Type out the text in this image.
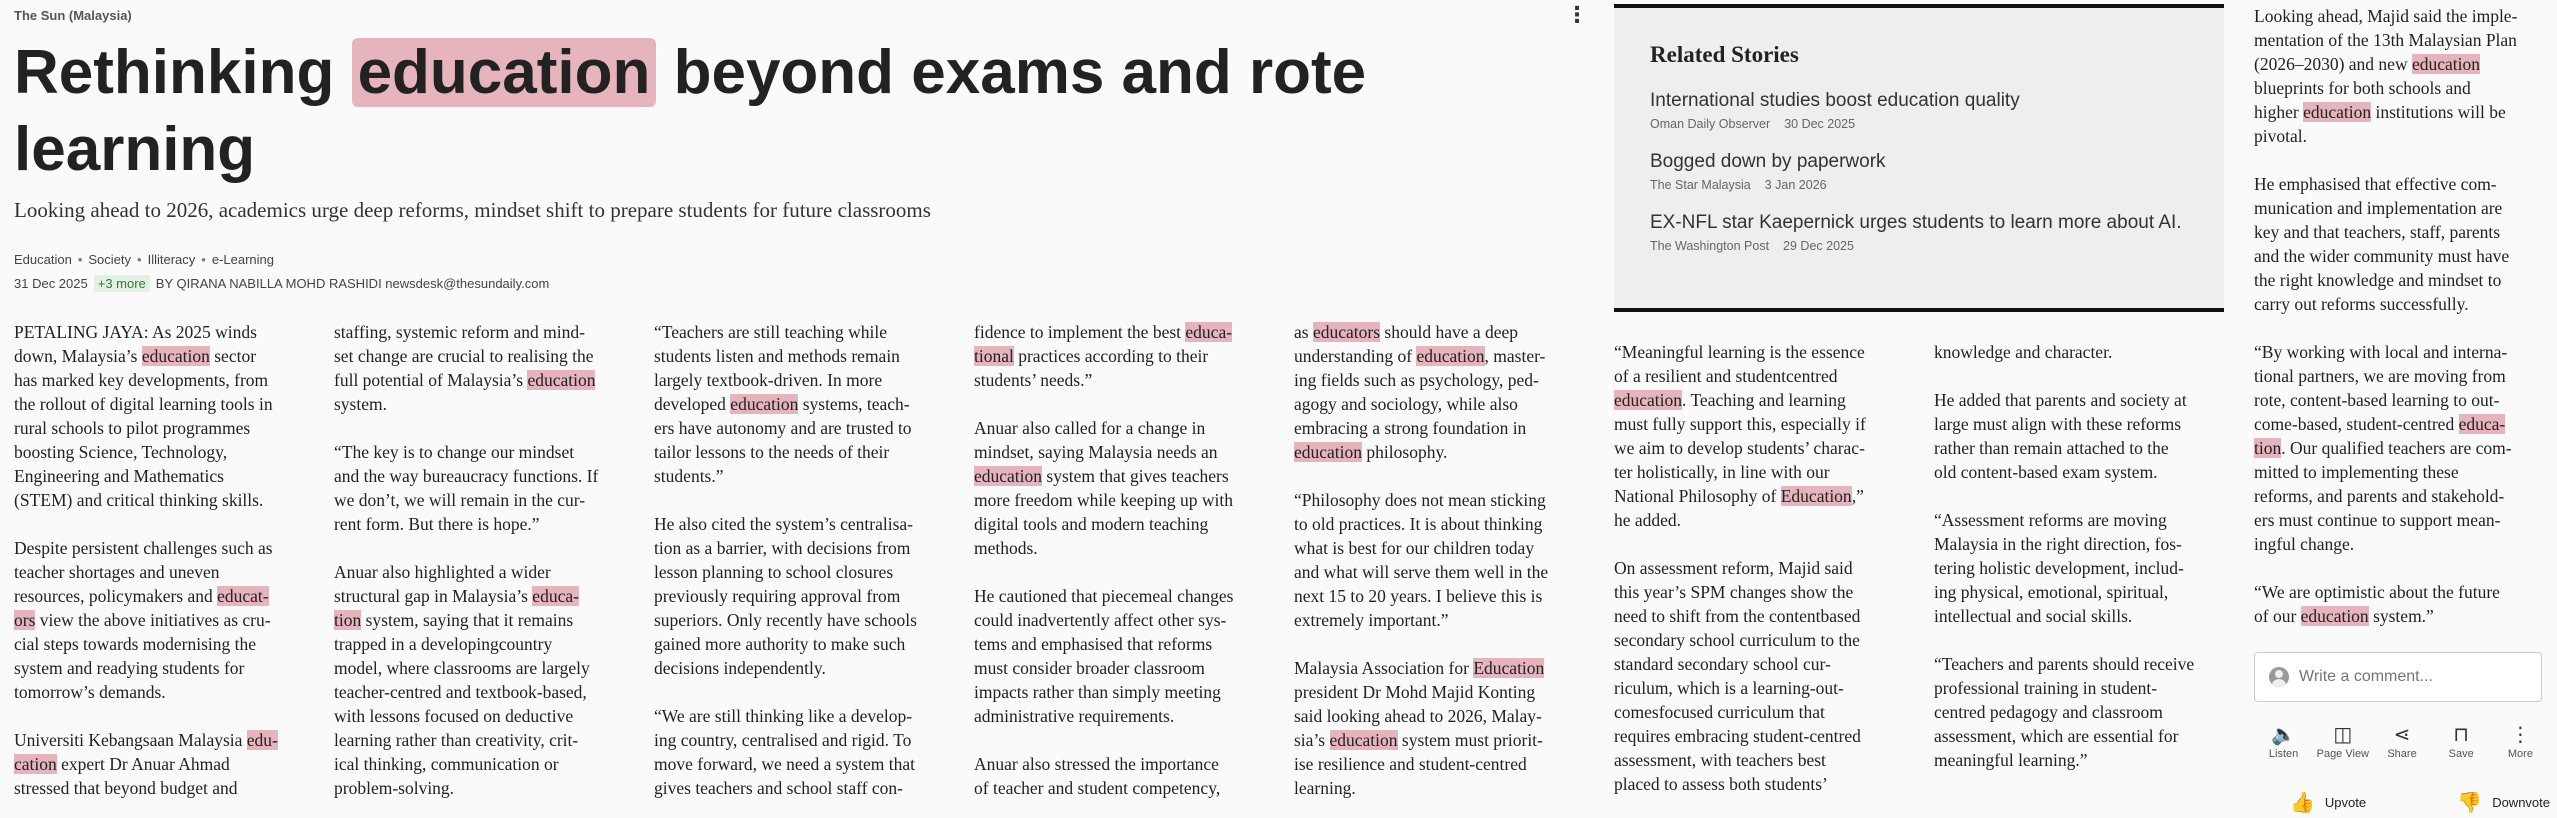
The Sun (Malaysia)	⋮
Rethinking education beyond exams and rote learning
Looking ahead to 2026, academics urge deep reforms, mindset shift to prepare students for future classrooms
Education • Society • Illiteracy • e-Learning
31 Dec 2025 +3 more BY QIRANA NABILLA MOHD RASHIDI newsdesk@thesundaily.com

PETALING JAYA: As 2025 winds
down, Malaysia’s education sector
has marked key developments, from
the rollout of digital learning tools in
rural schools to pilot programmes
boosting Science, Technology,
Engineering and Mathematics
(STEM) and critical thinking skills.

Despite persistent challenges such as
teacher shortages and uneven
resources, policymakers and educat-
ors view the above initiatives as cru-
cial steps towards modernising the
system and readying students for
tomorrow’s demands.

Universiti Kebangsaan Malaysia edu-
cation expert Dr Anuar Ahmad
stressed that beyond budget and

staffing, systemic reform and mind-
set change are crucial to realising the
full potential of Malaysia’s education
system.

“The key is to change our mindset
and the way bureaucracy functions. If
we don’t, we will remain in the cur-
rent form. But there is hope.”

Anuar also highlighted a wider
structural gap in Malaysia’s educa-
tion system, saying that it remains
trapped in a developingcountry
model, where classrooms are largely
teacher-centred and textbook-based,
with lessons focused on deductive
learning rather than creativity, crit-
ical thinking, communication or
problem-solving.

“Teachers are still teaching while
students listen and methods remain
largely textbook-driven. In more
developed education systems, teach-
ers have autonomy and are trusted to
tailor lessons to the needs of their
students.”

He also cited the system’s centralisa-
tion as a barrier, with decisions from
lesson planning to school closures
previously requiring approval from
superiors. Only recently have schools
gained more authority to make such
decisions independently.

“We are still thinking like a develop-
ing country, centralised and rigid. To
move forward, we need a system that
gives teachers and school staff con-

fidence to implement the best educa-
tional practices according to their
students’ needs.”

Anuar also called for a change in
mindset, saying Malaysia needs an
education system that gives teachers
more freedom while keeping up with
digital tools and modern teaching
methods.

He cautioned that piecemeal changes
could inadvertently affect other sys-
tems and emphasised that reforms
must consider broader classroom
impacts rather than simply meeting
administrative requirements.

Anuar also stressed the importance
of teacher and student competency,

as educators should have a deep
understanding of education, master-
ing fields such as psychology, ped-
agogy and sociology, while also
embracing a strong foundation in
education philosophy.

“Philosophy does not mean sticking
to old practices. It is about thinking
what is best for our children today
and what will serve them well in the
next 15 to 20 years. I believe this is
extremely important.”

Malaysia Association for Education
president Dr Mohd Majid Konting
said looking ahead to 2026, Malay-
sia’s education system must priorit-
ise resilience and student-centred
learning.

“Meaningful learning is the essence
of a resilient and studentcentred
education. Teaching and learning
must fully support this, especially if
we aim to develop students’ charac-
ter holistically, in line with our
National Philosophy of Education,”
he added.

On assessment reform, Majid said
this year’s SPM changes show the
need to shift from the contentbased
secondary school curriculum to the
standard secondary school cur-
riculum, which is a learning-out-
comesfocused curriculum that
requires embracing student-centred
assessment, with teachers best
placed to assess both students’

knowledge and character.

He added that parents and society at
large must align with these reforms
rather than remain attached to the
old content-based exam system.

“Assessment reforms are moving
Malaysia in the right direction, fos-
tering holistic development, includ-
ing physical, emotional, spiritual,
intellectual and social skills.

“Teachers and parents should receive
professional training in student-
centred pedagogy and classroom
assessment, which are essential for
meaningful learning.”

Looking ahead, Majid said the imple-
mentation of the 13th Malaysian Plan
(2026–2030) and new education
blueprints for both schools and
higher education institutions will be
pivotal.

He emphasised that effective com-
munication and implementation are
key and that teachers, staff, parents
and the wider community must have
the right knowledge and mindset to
carry out reforms successfully.

“By working with local and interna-
tional partners, we are moving from
rote, content-based learning to out-
come-based, student-centred educa-
tion. Our qualified teachers are com-
mitted to implementing these
reforms, and parents and stakehold-
ers must continue to support mean-
ingful change.

“We are optimistic about the future
of our education system.”

Related Stories
International studies boost education quality
Oman Daily Observer 30 Dec 2025
Bogged down by paperwork
The Star Malaysia 3 Jan 2026
EX-NFL star Kaepernick urges students to learn more about AI.
The Washington Post 29 Dec 2025
Write a comment...
🔈
Listen
◫
Page View
⋖
Share
⊓
Save
⋮
More
👍 Upvote	👎 Downvote
